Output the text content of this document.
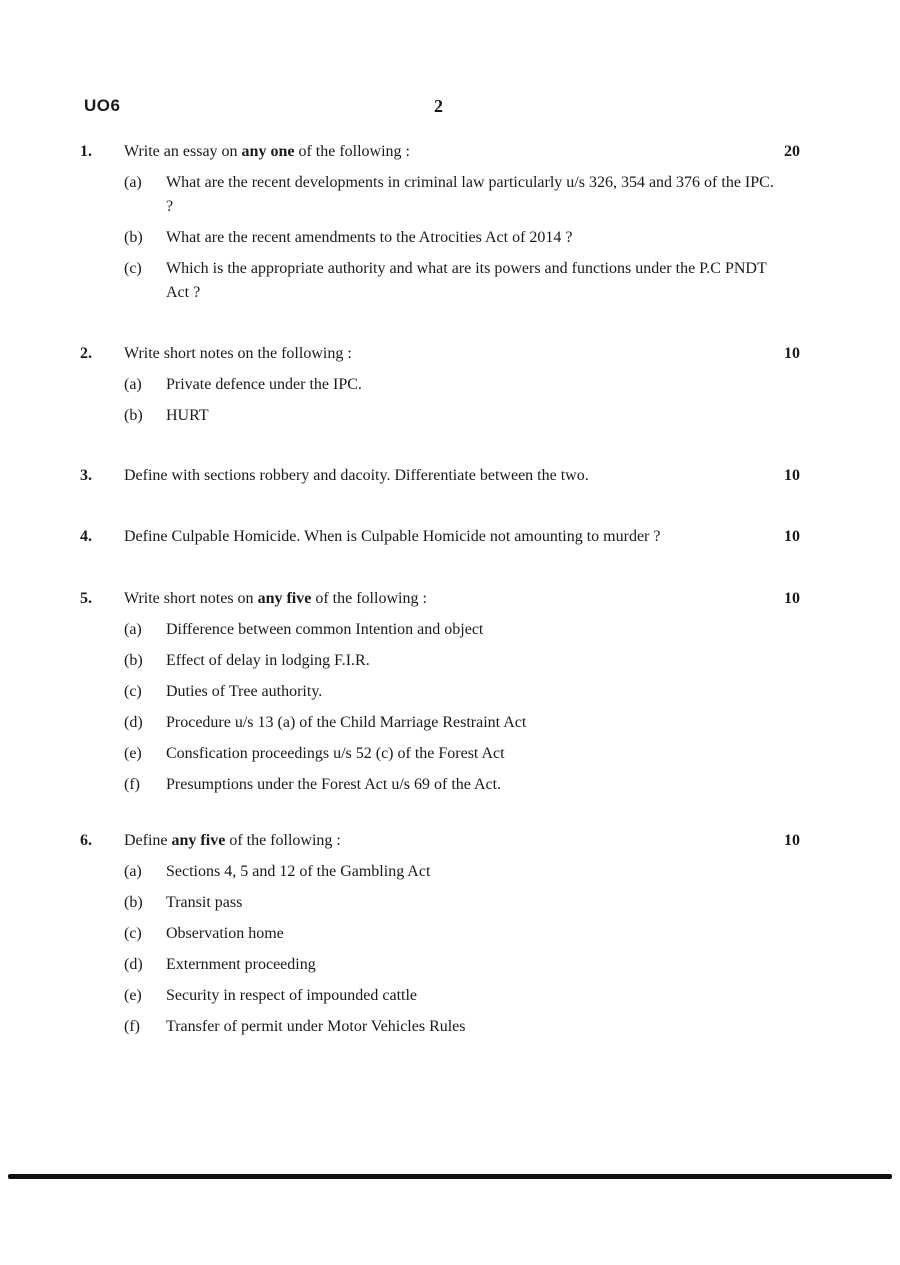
UO6	2
1. Write an essay on any one of the following :	20
(a) What are the recent developments in criminal law particularly u/s 326, 354 and 376 of the IPC. ?
(b) What are the recent amendments to the Atrocities Act of 2014 ?
(c) Which is the appropriate authority and what are its powers and functions under the P.C PNDT Act ?
2. Write short notes on the following :	10
(a) Private defence under the IPC.
(b) HURT
3. Define with sections robbery and dacoity. Differentiate between the two.	10
4. Define Culpable Homicide. When is Culpable Homicide not amounting to murder ?	10
5. Write short notes on any five of the following :	10
(a) Difference between common Intention and object
(b) Effect of delay in lodging F.I.R.
(c) Duties of Tree authority.
(d) Procedure u/s 13 (a) of the Child Marriage Restraint Act
(e) Consfication proceedings u/s 52 (c) of the Forest Act
(f) Presumptions under the Forest Act u/s 69 of the Act.
6. Define any five of the following :	10
(a) Sections 4, 5 and 12 of the Gambling Act
(b) Transit pass
(c) Observation home
(d) Externment proceeding
(e) Security in respect of impounded cattle
(f) Transfer of permit under Motor Vehicles Rules
